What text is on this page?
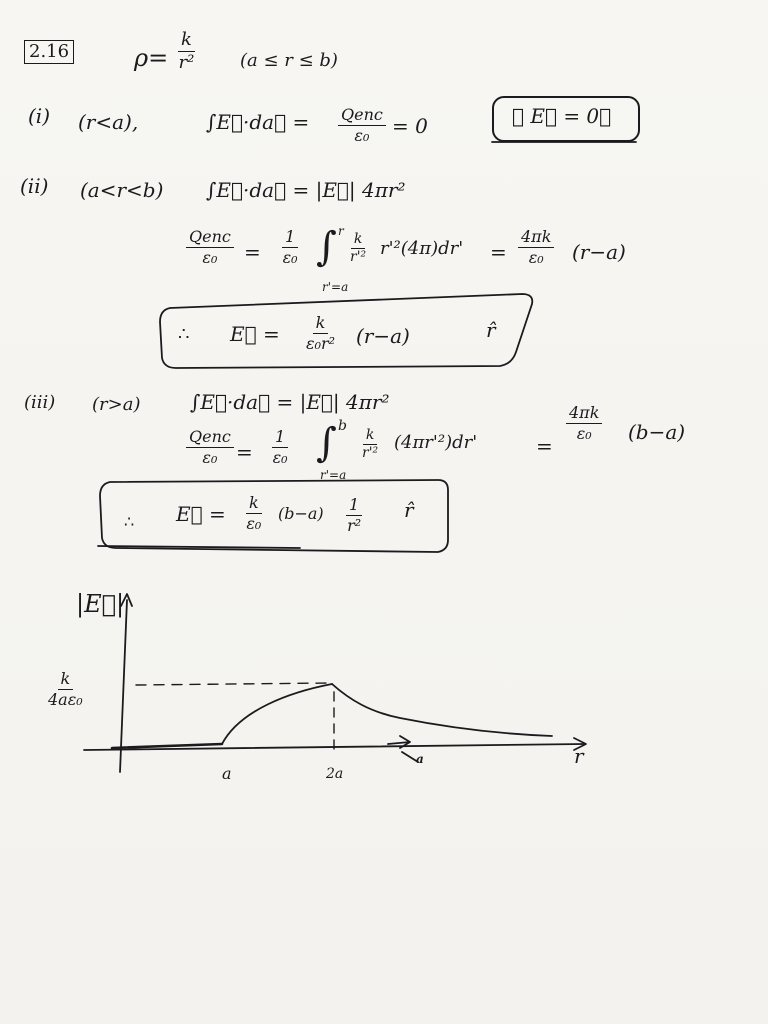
2.16	$\rho= \frac{k}{\text{r²}}$	(a ≤ r ≤ b)
(i) (r<a),	∫E⃗·da⃗ = Qenc
ε₀ = 0	∴ E⃗ = 0⃗
(ii) (a<r<b) ∫E⃗·da⃗ = |E⃗| 4πr²
Qenc
$\varepsilon_0 = \frac{1}{\text{ε₀}}$ ∫ r
r'=a
$\frac{k}{\text{r'²}} r'^2(4\pi)dr' = \frac{4\pi k}{\text{ε₀}} (r-a)$
∴ E⃗ = $\frac{k}{\text{ε₀r²}} (r-a)$	r̂
(iii) (r>a) ∫E⃗·da⃗ = |E⃗| 4πr²
Qenc
$\varepsilon_0 = \frac{1}{\text{ε₀}}$ ∫ b
r'=a
$\frac{k}{\text{r'²}} (4\pi r'^2)dr'$	=
$\frac{4\pi k}{\text{ε₀}} (b-a)$
∴ E⃗ = $\frac{k}{\text{ε₀}} (b-a) \frac{1}{\text{r²}}$ r̂
|E⃗|
$\frac{k}{\text{4aε₀}}$
a	2a
r
a
